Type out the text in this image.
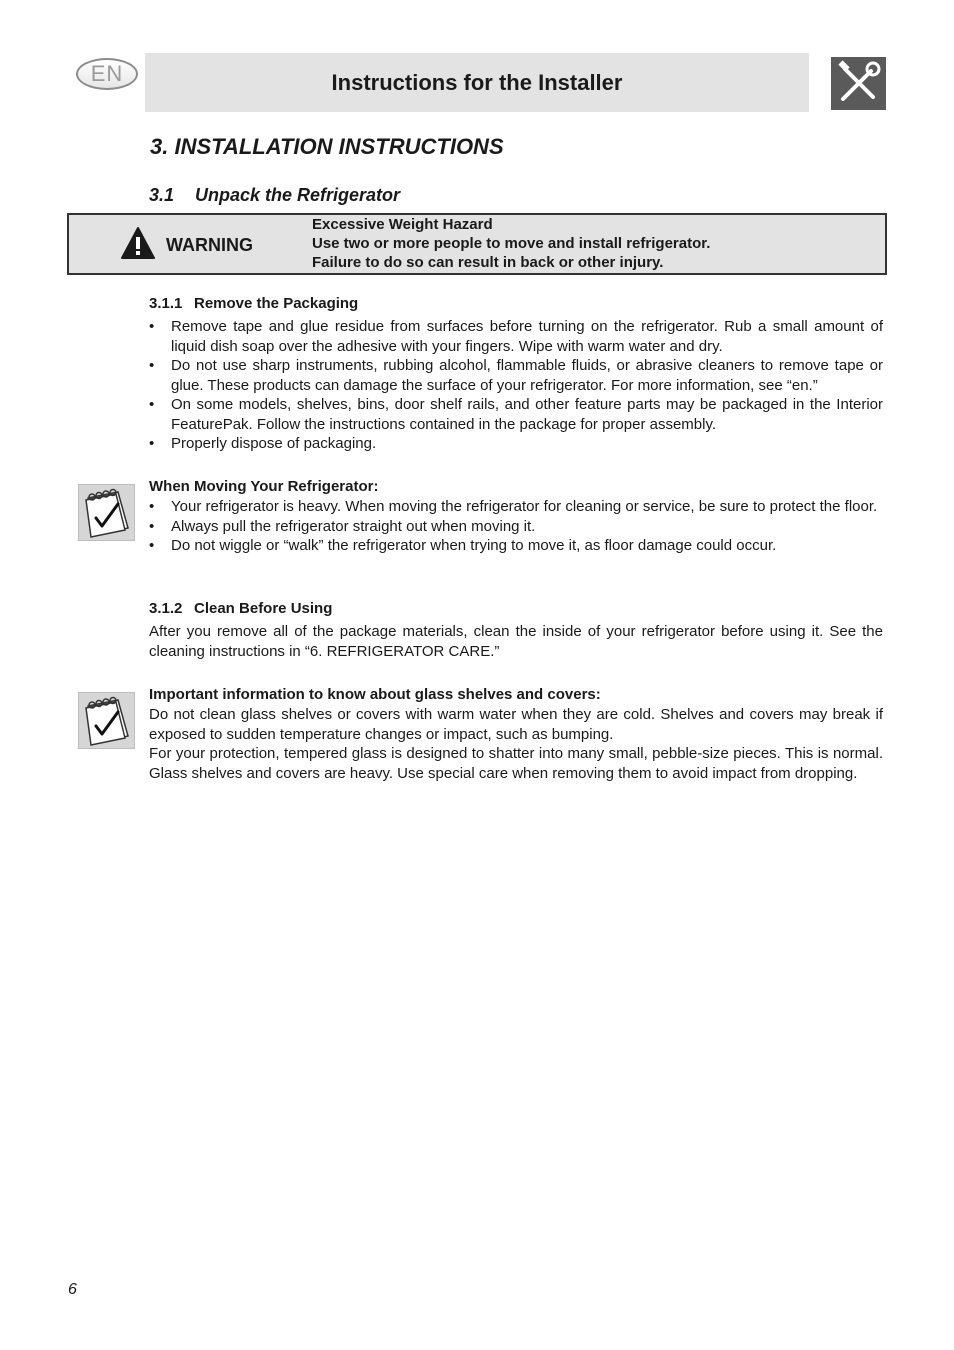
EN	Instructions for the Installer
3. INSTALLATION INSTRUCTIONS
3.1 Unpack the Refrigerator
WARNING
Excessive Weight Hazard
Use two or more people to move and install refrigerator.
Failure to do so can result in back or other injury.
3.1.1 Remove the Packaging
• Remove tape and glue residue from surfaces before turning on the refrigerator. Rub a small amount of liquid dish soap over the adhesive with your fingers. Wipe with warm water and dry.
• Do not use sharp instruments, rubbing alcohol, flammable fluids, or abrasive cleaners to remove tape or glue. These products can damage the surface of your refrigerator. For more information, see “en.”
• On some models, shelves, bins, door shelf rails, and other feature parts may be packaged in the Interior FeaturePak. Follow the instructions contained in the package for proper assembly.
• Properly dispose of packaging.
When Moving Your Refrigerator:
• Your refrigerator is heavy. When moving the refrigerator for cleaning or service, be sure to protect the floor.
• Always pull the refrigerator straight out when moving it.
• Do not wiggle or “walk” the refrigerator when trying to move it, as floor damage could occur.
3.1.2 Clean Before Using

After you remove all of the package materials, clean the inside of your refrigerator before using it. See the cleaning instructions in “6. REFRIGERATOR CARE.”

Important information to know about glass shelves and covers:

Do not clean glass shelves or covers with warm water when they are cold. Shelves and covers may break if exposed to sudden temperature changes or impact, such as bumping.

For your protection, tempered glass is designed to shatter into many small, pebble-size pieces. This is normal. Glass shelves and covers are heavy. Use special care when removing them to avoid impact from dropping.

6
